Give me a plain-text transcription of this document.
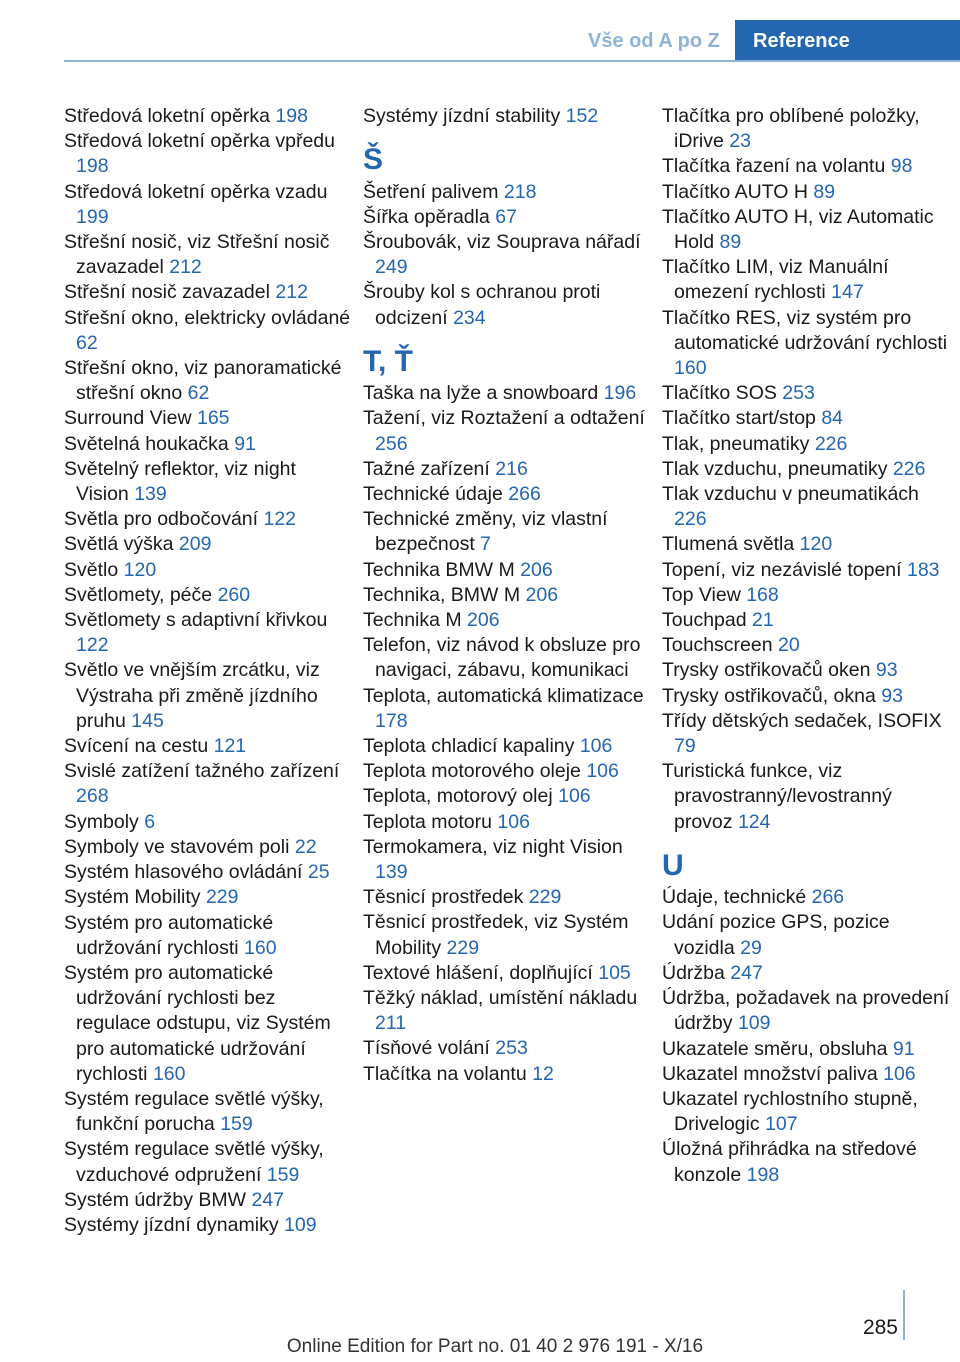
Vše od A po Z	Reference
Středová loketní opěrka 198
Středová loketní opěrka vpředu 198
Středová loketní opěrka vzadu 199
Střešní nosič, viz Střešní nosič zavazadel 212
Střešní nosič zavazadel 212
Střešní okno, elektricky ovládané 62
Střešní okno, viz panoramatické střešní okno 62
Surround View 165
Světelná houkačka 91
Světelný reflektor, viz night Vision 139
Světla pro odbočování 122
Světlá výška 209
Světlo 120
Světlomety, péče 260
Světlomety s adaptivní křivkou 122
Světlo ve vnějším zrcátku, viz Výstraha při změně jízdního pruhu 145
Svícení na cestu 121
Svislé zatížení tažného zařízení 268
Symboly 6
Symboly ve stavovém poli 22
Systém hlasového ovládání 25
Systém Mobility 229
Systém pro automatické udržování rychlosti 160
Systém pro automatické udržování rychlosti bez regulace odstupu, viz Systém pro automatické udržování rychlosti 160
Systém regulace světlé výšky, funkční porucha 159
Systém regulace světlé výšky, vzduchové odpružení 159
Systém údržby BMW 247
Systémy jízdní dynamiky 109
Systémy jízdní stability 152
Š
Šetření palivem 218
Šířka opěradla 67
Šroubovák, viz Souprava nářadí 249
Šrouby kol s ochranou proti odcizení 234
T, Ť
Taška na lyže a snowboard 196
Tažení, viz Roztažení a odtažení 256
Tažné zařízení 216
Technické údaje 266
Technické změny, viz vlastní bezpečnost 7
Technika BMW M 206
Technika, BMW M 206
Technika M 206
Telefon, viz návod k obsluze pro navigaci, zábavu, komunikaci
Teplota, automatická klimatizace 178
Teplota chladicí kapaliny 106
Teplota motorového oleje 106
Teplota, motorový olej 106
Teplota motoru 106
Termokamera, viz night Vision 139
Těsnicí prostředek 229
Těsnicí prostředek, viz Systém Mobility 229
Textové hlášení, doplňující 105
Těžký náklad, umístění nákladu 211
Tísňové volání 253
Tlačítka na volantu 12
Tlačítka pro oblíbené položky, iDrive 23
Tlačítka řazení na volantu 98
Tlačítko AUTO H 89
Tlačítko AUTO H, viz Automatic Hold 89
Tlačítko LIM, viz Manuální omezení rychlosti 147
Tlačítko RES, viz systém pro automatické udržování rychlosti 160
Tlačítko SOS 253
Tlačítko start/stop 84
Tlak, pneumatiky 226
Tlak vzduchu, pneumatiky 226
Tlak vzduchu v pneumatikách 226
Tlumená světla 120
Topení, viz nezávislé topení 183
Top View 168
Touchpad 21
Touchscreen 20
Trysky ostřikovačů oken 93
Trysky ostřikovačů, okna 93
Třídy dětských sedaček, ISOFIX 79
Turistická funkce, viz pravostranný/levostranný provoz 124
U
Údaje, technické 266
Udání pozice GPS, pozice vozidla 29
Údržba 247
Údržba, požadavek na provedení údržby 109
Ukazatele směru, obsluha 91
Ukazatel množství paliva 106
Ukazatel rychlostního stupně, Drivelogic 107
Úložná přihrádka na středové konzole 198
285
Online Edition for Part no. 01 40 2 976 191 - X/16
